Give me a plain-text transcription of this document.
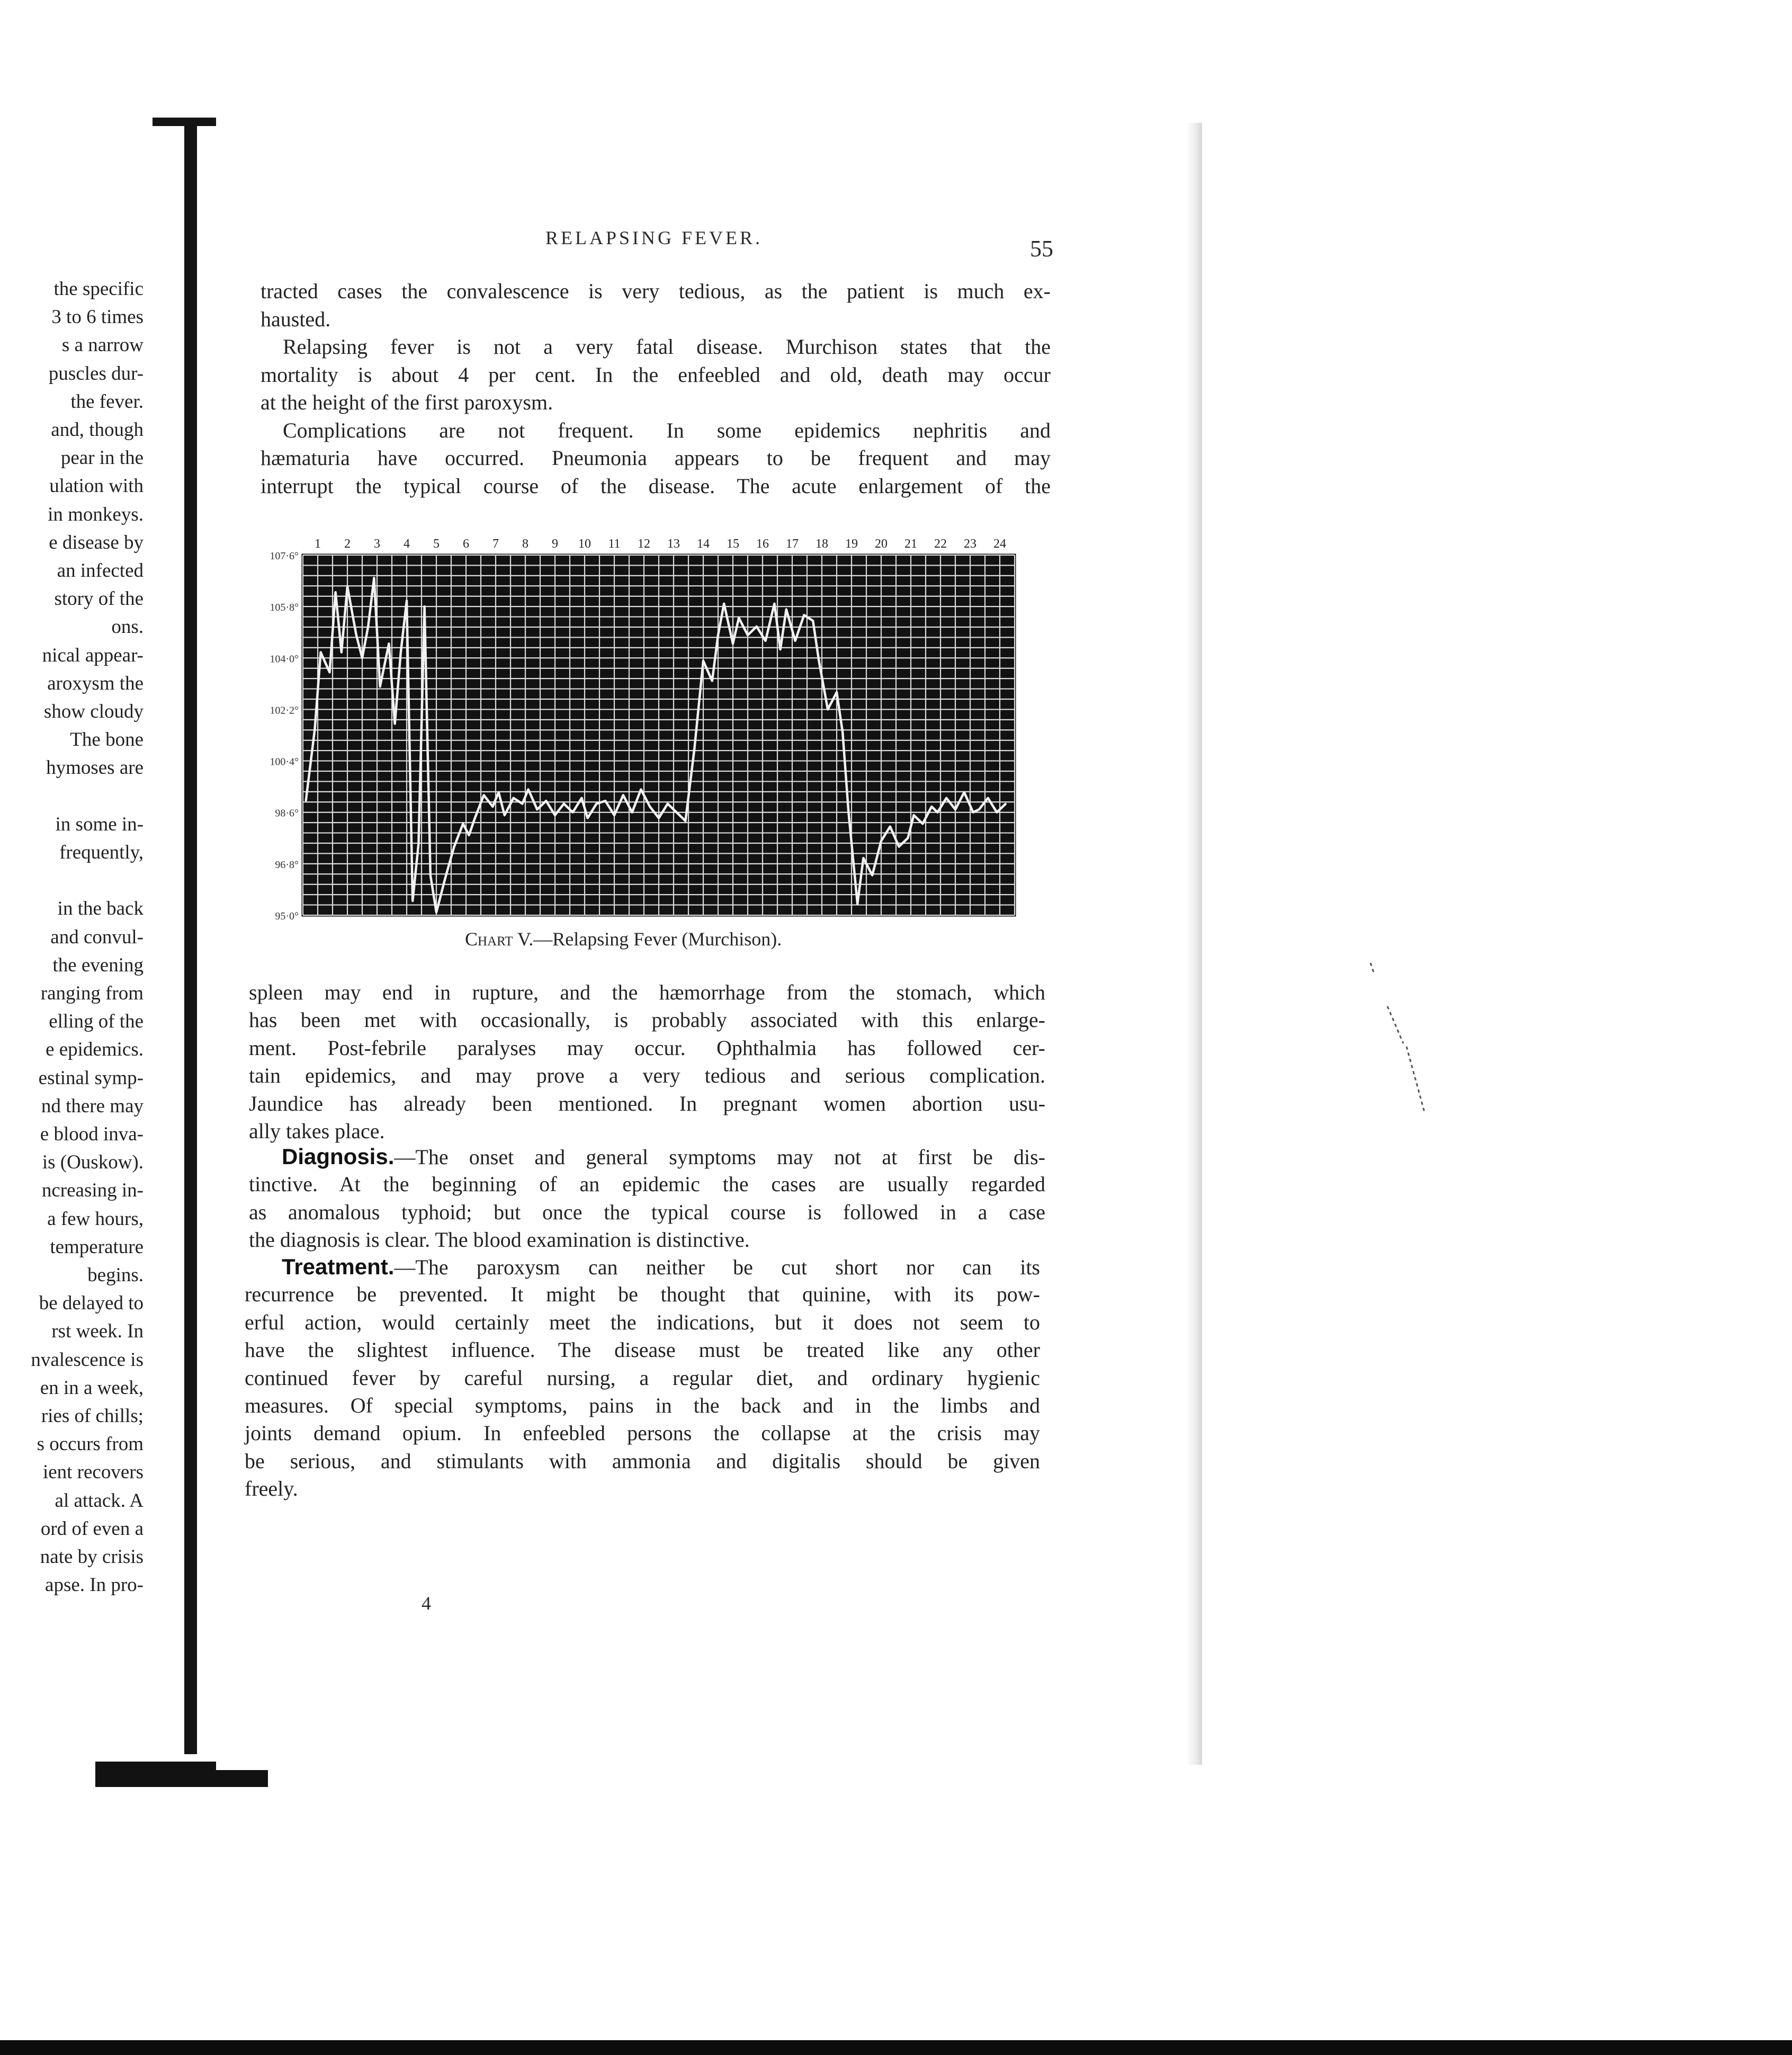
the specific
3 to 6 times
s a narrow
puscles dur-
the fever.
and, though
pear in the
ulation with
in monkeys.
e disease by
an infected
story of the
ons.
nical appear-
aroxysm the
show cloudy
The bone
hymoses are
in some in-
frequently,
in the back
and convul-
the evening
ranging from
elling of the
e epidemics.
estinal symp-
nd there may
e blood inva-
is (Ouskow).
ncreasing in-
a few hours,
temperature
begins.
be delayed to
rst week. In
nvalescence is
en in a week,
ries of chills;
s occurs from
ient recovers
al attack. A
ord of even a
nate by crisis
apse. In pro-
RELAPSING FEVER.	55
tracted cases the convalescence is very tedious, as the patient is much ex-
hausted.
Relapsing fever is not a very fatal disease. Murchison states that the
mortality is about 4 per cent. In the enfeebled and old, death may occur
at the height of the first paroxysm.
Complications are not frequent. In some epidemics nephritis and
hæmaturia have occurred. Pneumonia appears to be frequent and may
interrupt the typical course of the disease. The acute enlargement of the
1 2 3 4 5 6 7 8 9 10 11 12 13 14 15 16 17 18 19 20 21 22 23 24
107·6°
105·8°
104·0°
102·2°
100·4°
98·6°
96·8°
95·0°
Chart V.—Relapsing Fever (Murchison).
spleen may end in rupture, and the hæmorrhage from the stomach, which
has been met with occasionally, is probably associated with this enlarge-
ment. Post-febrile paralyses may occur. Ophthalmia has followed cer-
tain epidemics, and may prove a very tedious and serious complication.
Jaundice has already been mentioned. In pregnant women abortion usu-
ally takes place.
Diagnosis.—The onset and general symptoms may not at first be dis-
tinctive. At the beginning of an epidemic the cases are usually regarded
as anomalous typhoid; but once the typical course is followed in a case
the diagnosis is clear. The blood examination is distinctive.
Treatment.—The paroxysm can neither be cut short nor can its
recurrence be prevented. It might be thought that quinine, with its pow-
erful action, would certainly meet the indications, but it does not seem to
have the slightest influence. The disease must be treated like any other
continued fever by careful nursing, a regular diet, and ordinary hygienic
measures. Of special symptoms, pains in the back and in the limbs and
joints demand opium. In enfeebled persons the collapse at the crisis may
be serious, and stimulants with ammonia and digitalis should be given
freely.
4
